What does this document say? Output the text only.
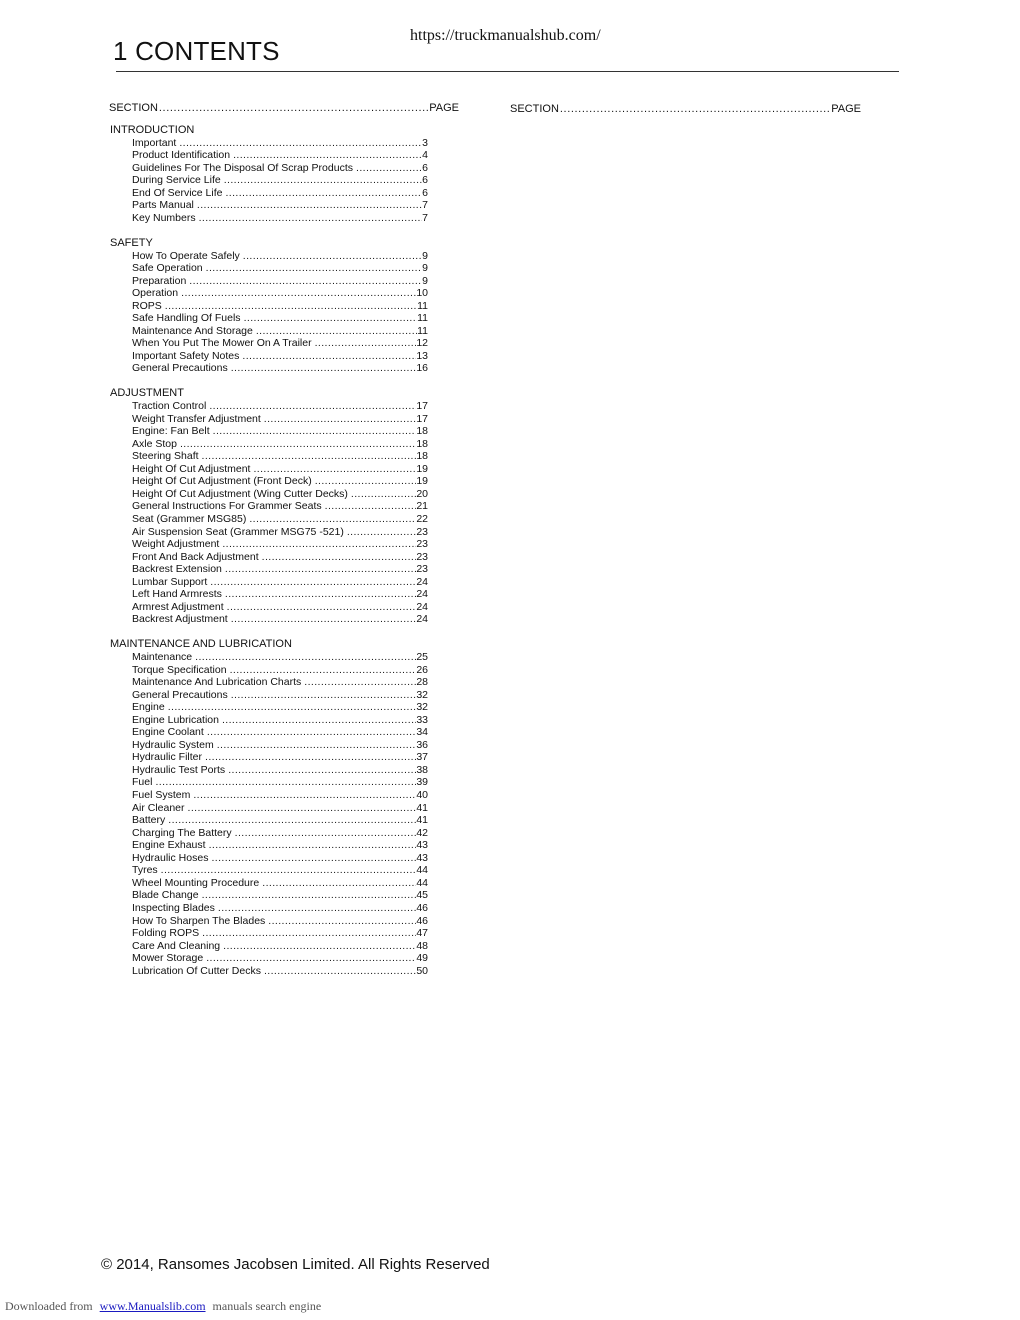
https://truckmanualshub.com/
1 CONTENTS
SECTION .....	PAGE	SECTION .....	PAGE
INTRODUCTION
Important .....	3
Product Identification .....	4
Guidelines For The Disposal Of Scrap Products .....	6
During Service Life .....	6
End Of Service Life .....	6
Parts Manual .....	7
Key Numbers .....	7
SAFETY
How To Operate Safely .....	9
Safe Operation .....	9
Preparation .....	9
Operation .....	10
ROPS .....	11
Safe Handling Of Fuels .....	11
Maintenance And Storage .....	11
When You Put The Mower On A Trailer .....	12
Important Safety Notes .....	13
General Precautions .....	16
ADJUSTMENT
Traction Control .....	17
Weight Transfer Adjustment .....	17
Engine: Fan Belt .....	18
Axle Stop .....	18
Steering Shaft .....	18
Height Of Cut Adjustment .....	19
Height Of Cut Adjustment (Front Deck) .....	19
Height Of Cut Adjustment (Wing Cutter Decks) .....	20
General Instructions For Grammer Seats .....	21
Seat (Grammer MSG85) .....	22
Air Suspension Seat (Grammer MSG75 -521) .....	23
Weight Adjustment .....	23
Front And Back Adjustment .....	23
Backrest Extension .....	23
Lumbar Support .....	24
Left Hand Armrests .....	24
Armrest Adjustment .....	24
Backrest Adjustment .....	24
MAINTENANCE AND LUBRICATION
Maintenance .....	25
Torque Specification .....	26
Maintenance And Lubrication Charts .....	28
General Precautions .....	32
Engine .....	32
Engine Lubrication .....	33
Engine Coolant .....	34
Hydraulic System .....	36
Hydraulic Filter .....	37
Hydraulic Test Ports .....	38
Fuel .....	39
Fuel System .....	40
Air Cleaner .....	41
Battery .....	41
Charging The Battery .....	42
Engine Exhaust .....	43
Hydraulic Hoses .....	43
Tyres .....	44
Wheel Mounting Procedure .....	44
Blade Change .....	45
Inspecting Blades .....	46
How To Sharpen The Blades .....	46
Folding ROPS .....	47
Care And Cleaning .....	48
Mower Storage .....	49
Lubrication Of Cutter Decks .....	50
© 2014, Ransomes Jacobsen Limited. All Rights Reserved
Downloaded from www.Manualslib.com manuals search engine
